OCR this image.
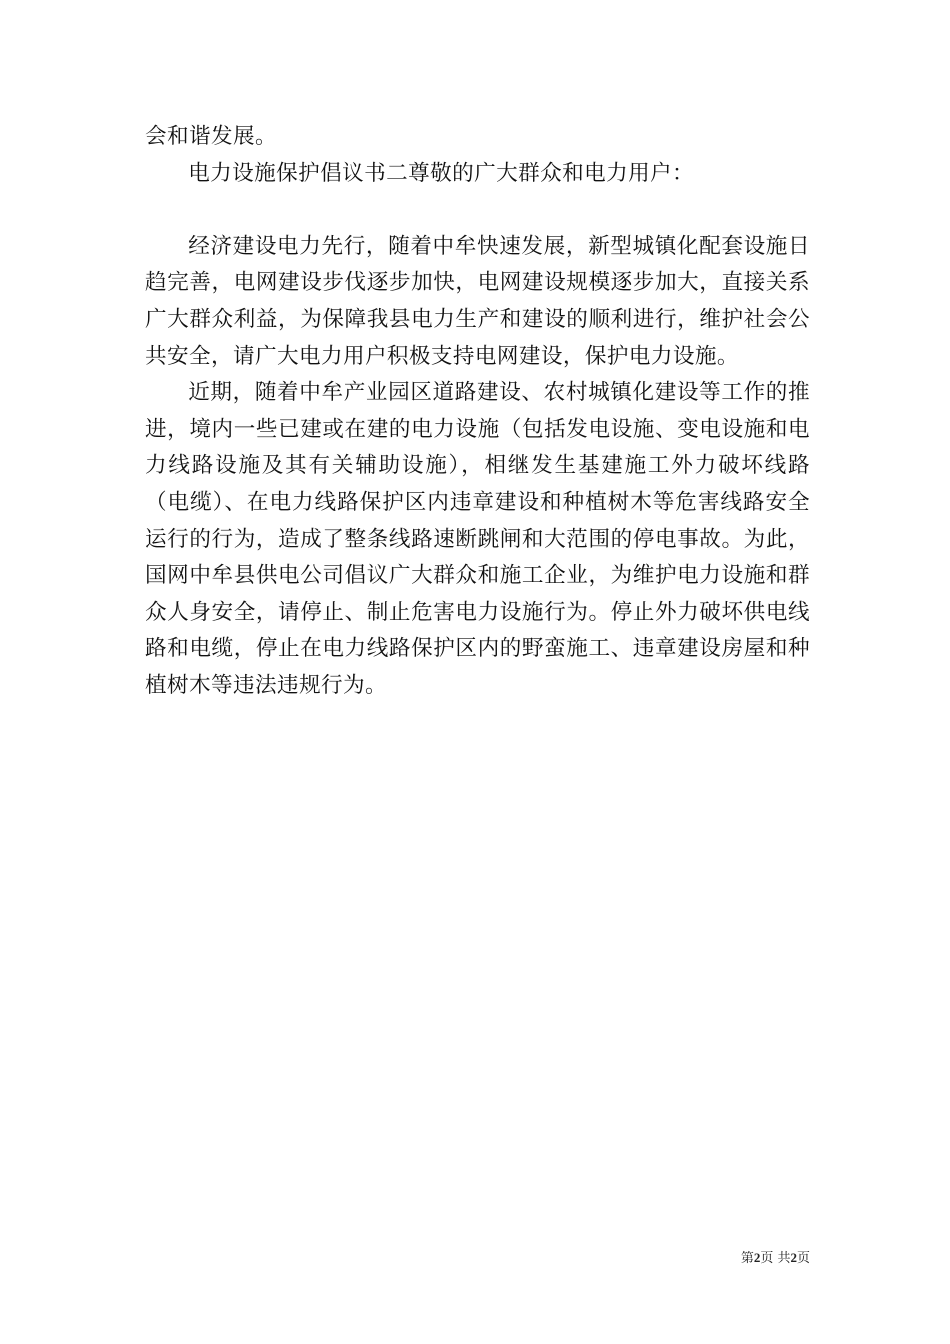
会和谐发展。

电力设施保护倡议书二尊敬的广大群众和电力用户：

经济建设电力先行，随着中牟快速发展，新型城镇化配套设施日趋完善，电网建设步伐逐步加快，电网建设规模逐步加大，直接关系广大群众利益，为保障我县电力生产和建设的顺利进行，维护社会公共安全，请广大电力用户积极支持电网建设，保护电力设施。

近期，随着中牟产业园区道路建设、农村城镇化建设等工作的推进，境内一些已建或在建的电力设施（包括发电设施、变电设施和电力线路设施及其有关辅助设施），相继发生基建施工外力破坏线路（电缆）、在电力线路保护区内违章建设和种植树木等危害线路安全运行的行为，造成了整条线路速断跳闸和大范围的停电事故。为此，国网中牟县供电公司倡议广大群众和施工企业，为维护电力设施和群众人身安全，请停止、制止危害电力设施行为。停止外力破坏供电线路和电缆，停止在电力线路保护区内的野蛮施工、违章建设房屋和种植树木等违法违规行为。

第2页 共2页
